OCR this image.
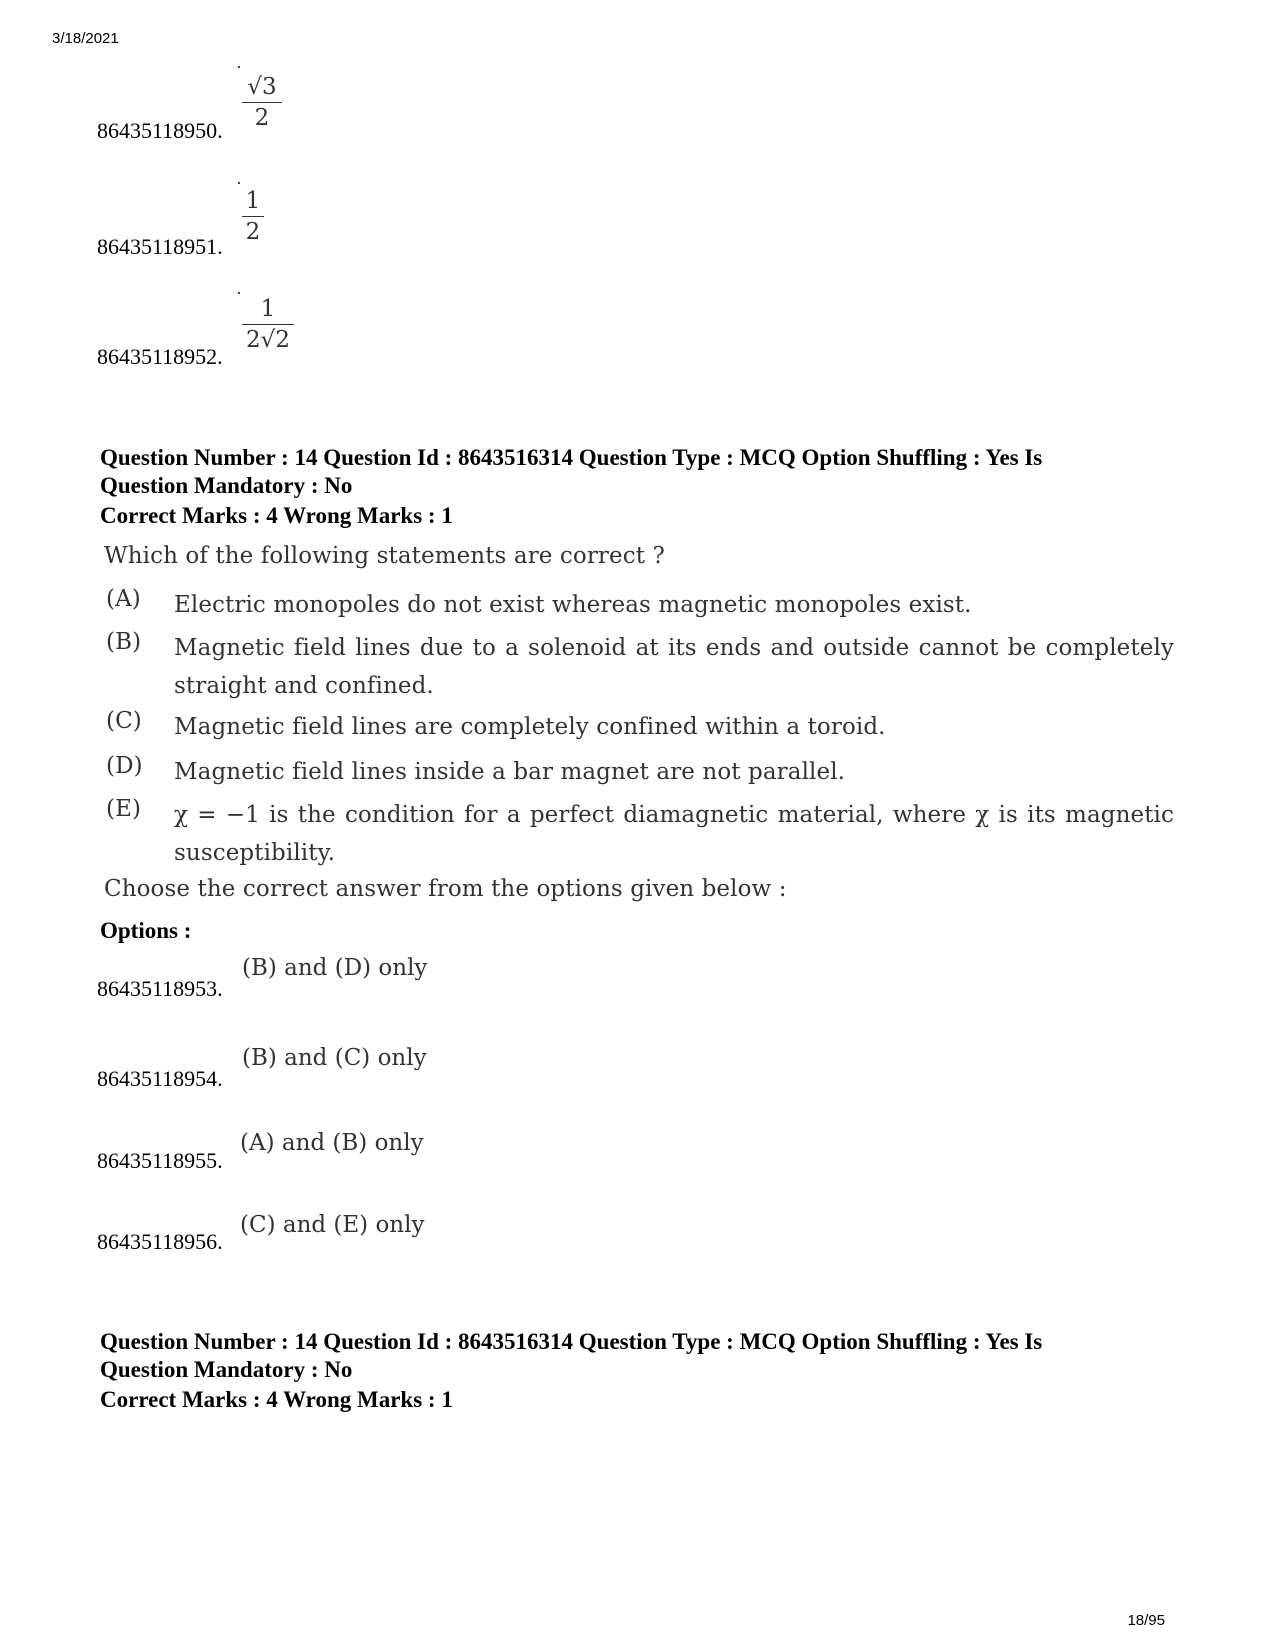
3/18/2021
86435118950.
√3
2
86435118951.
1
2
86435118952.
1
2√2
Question Number : 14 Question Id : 8643516314 Question Type : MCQ Option Shuffling : Yes Is
Question Mandatory : No
Correct Marks : 4 Wrong Marks : 1
Which of the following statements are correct ?
(A) Electric monopoles do not exist whereas magnetic monopoles exist.
(B) Magnetic field lines due to a solenoid at its ends and outside cannot be completely straight and confined.
(C) Magnetic field lines are completely confined within a toroid.
(D) Magnetic field lines inside a bar magnet are not parallel.
(E) χ = −1 is the condition for a perfect diamagnetic material, where χ is its magnetic susceptibility.
Choose the correct answer from the options given below :
Options :
86435118953.
(B) and (D) only
86435118954.
(B) and (C) only
86435118955.
(A) and (B) only
86435118956.
(C) and (E) only
Question Number : 14 Question Id : 8643516314 Question Type : MCQ Option Shuffling : Yes Is
Question Mandatory : No
Correct Marks : 4 Wrong Marks : 1
18/95
